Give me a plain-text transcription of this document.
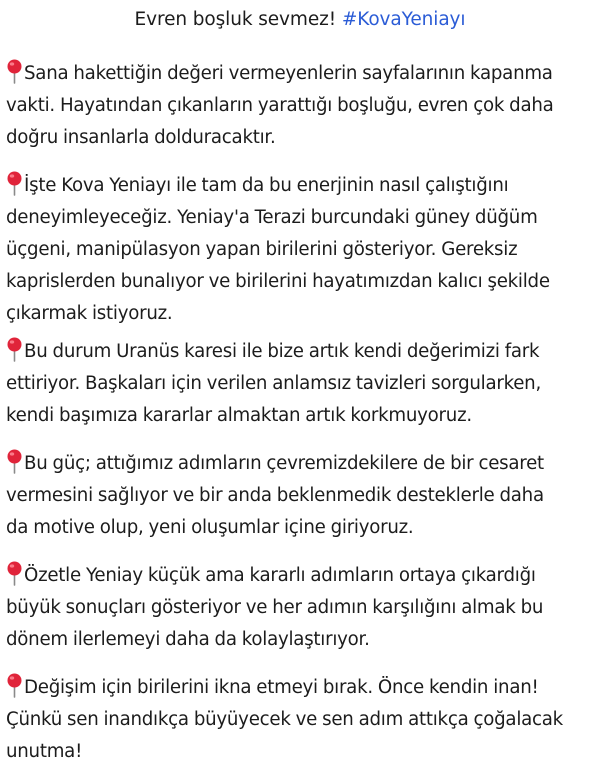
Evren boşluk sevmez! #KovaYeniayı

Sana hakettiğin değeri vermeyenlerin sayfalarının kapanma
vakti. Hayatından çıkanların yarattığı boşluğu, evren çok daha
doğru insanlarla dolduracaktır.

İşte Kova Yeniayı ile tam da bu enerjinin nasıl çalıştığını
deneyimleyeceğiz. Yeniay'a Terazi burcundaki güney düğüm
üçgeni, manipülasyon yapan birilerini gösteriyor. Gereksiz
kaprislerden bunalıyor ve birilerini hayatımızdan kalıcı şekilde
çıkarmak istiyoruz.

Bu durum Uranüs karesi ile bize artık kendi değerimizi fark
ettiriyor. Başkaları için verilen anlamsız tavizleri sorgularken,
kendi başımıza kararlar almaktan artık korkmuyoruz.

Bu güç; attığımız adımların çevremizdekilere de bir cesaret
vermesini sağlıyor ve bir anda beklenmedik desteklerle daha
da motive olup, yeni oluşumlar içine giriyoruz.

Özetle Yeniay küçük ama kararlı adımların ortaya çıkardığı
büyük sonuçları gösteriyor ve her adımın karşılığını almak bu
dönem ilerlemeyi daha da kolaylaştırıyor.

Değişim için birilerini ikna etmeyi bırak. Önce kendin inan!
Çünkü sen inandıkça büyüyecek ve sen adım attıkça çoğalacak
unutma!
